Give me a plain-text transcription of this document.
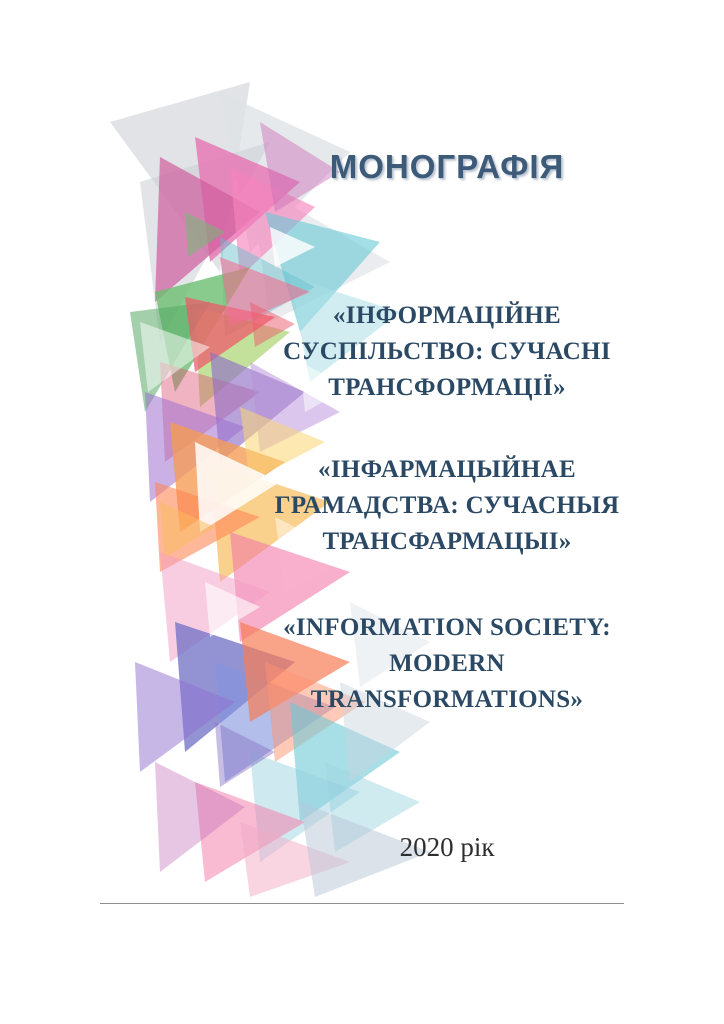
МОНОГРАФІЯ
«ІНФОРМАЦІЙНЕ СУСПІЛЬСТВО: СУЧАСНІ ТРАНСФОРМАЦІЇ»
«ІНФАРМАЦЫЙНАЕ ГРАМАДСТВА: СУЧАСНЫЯ ТРАНСФАРМАЦЫІ»
«INFORMATION SOCIETY: MODERN TRANSFORMATIONS»
2020 рік
